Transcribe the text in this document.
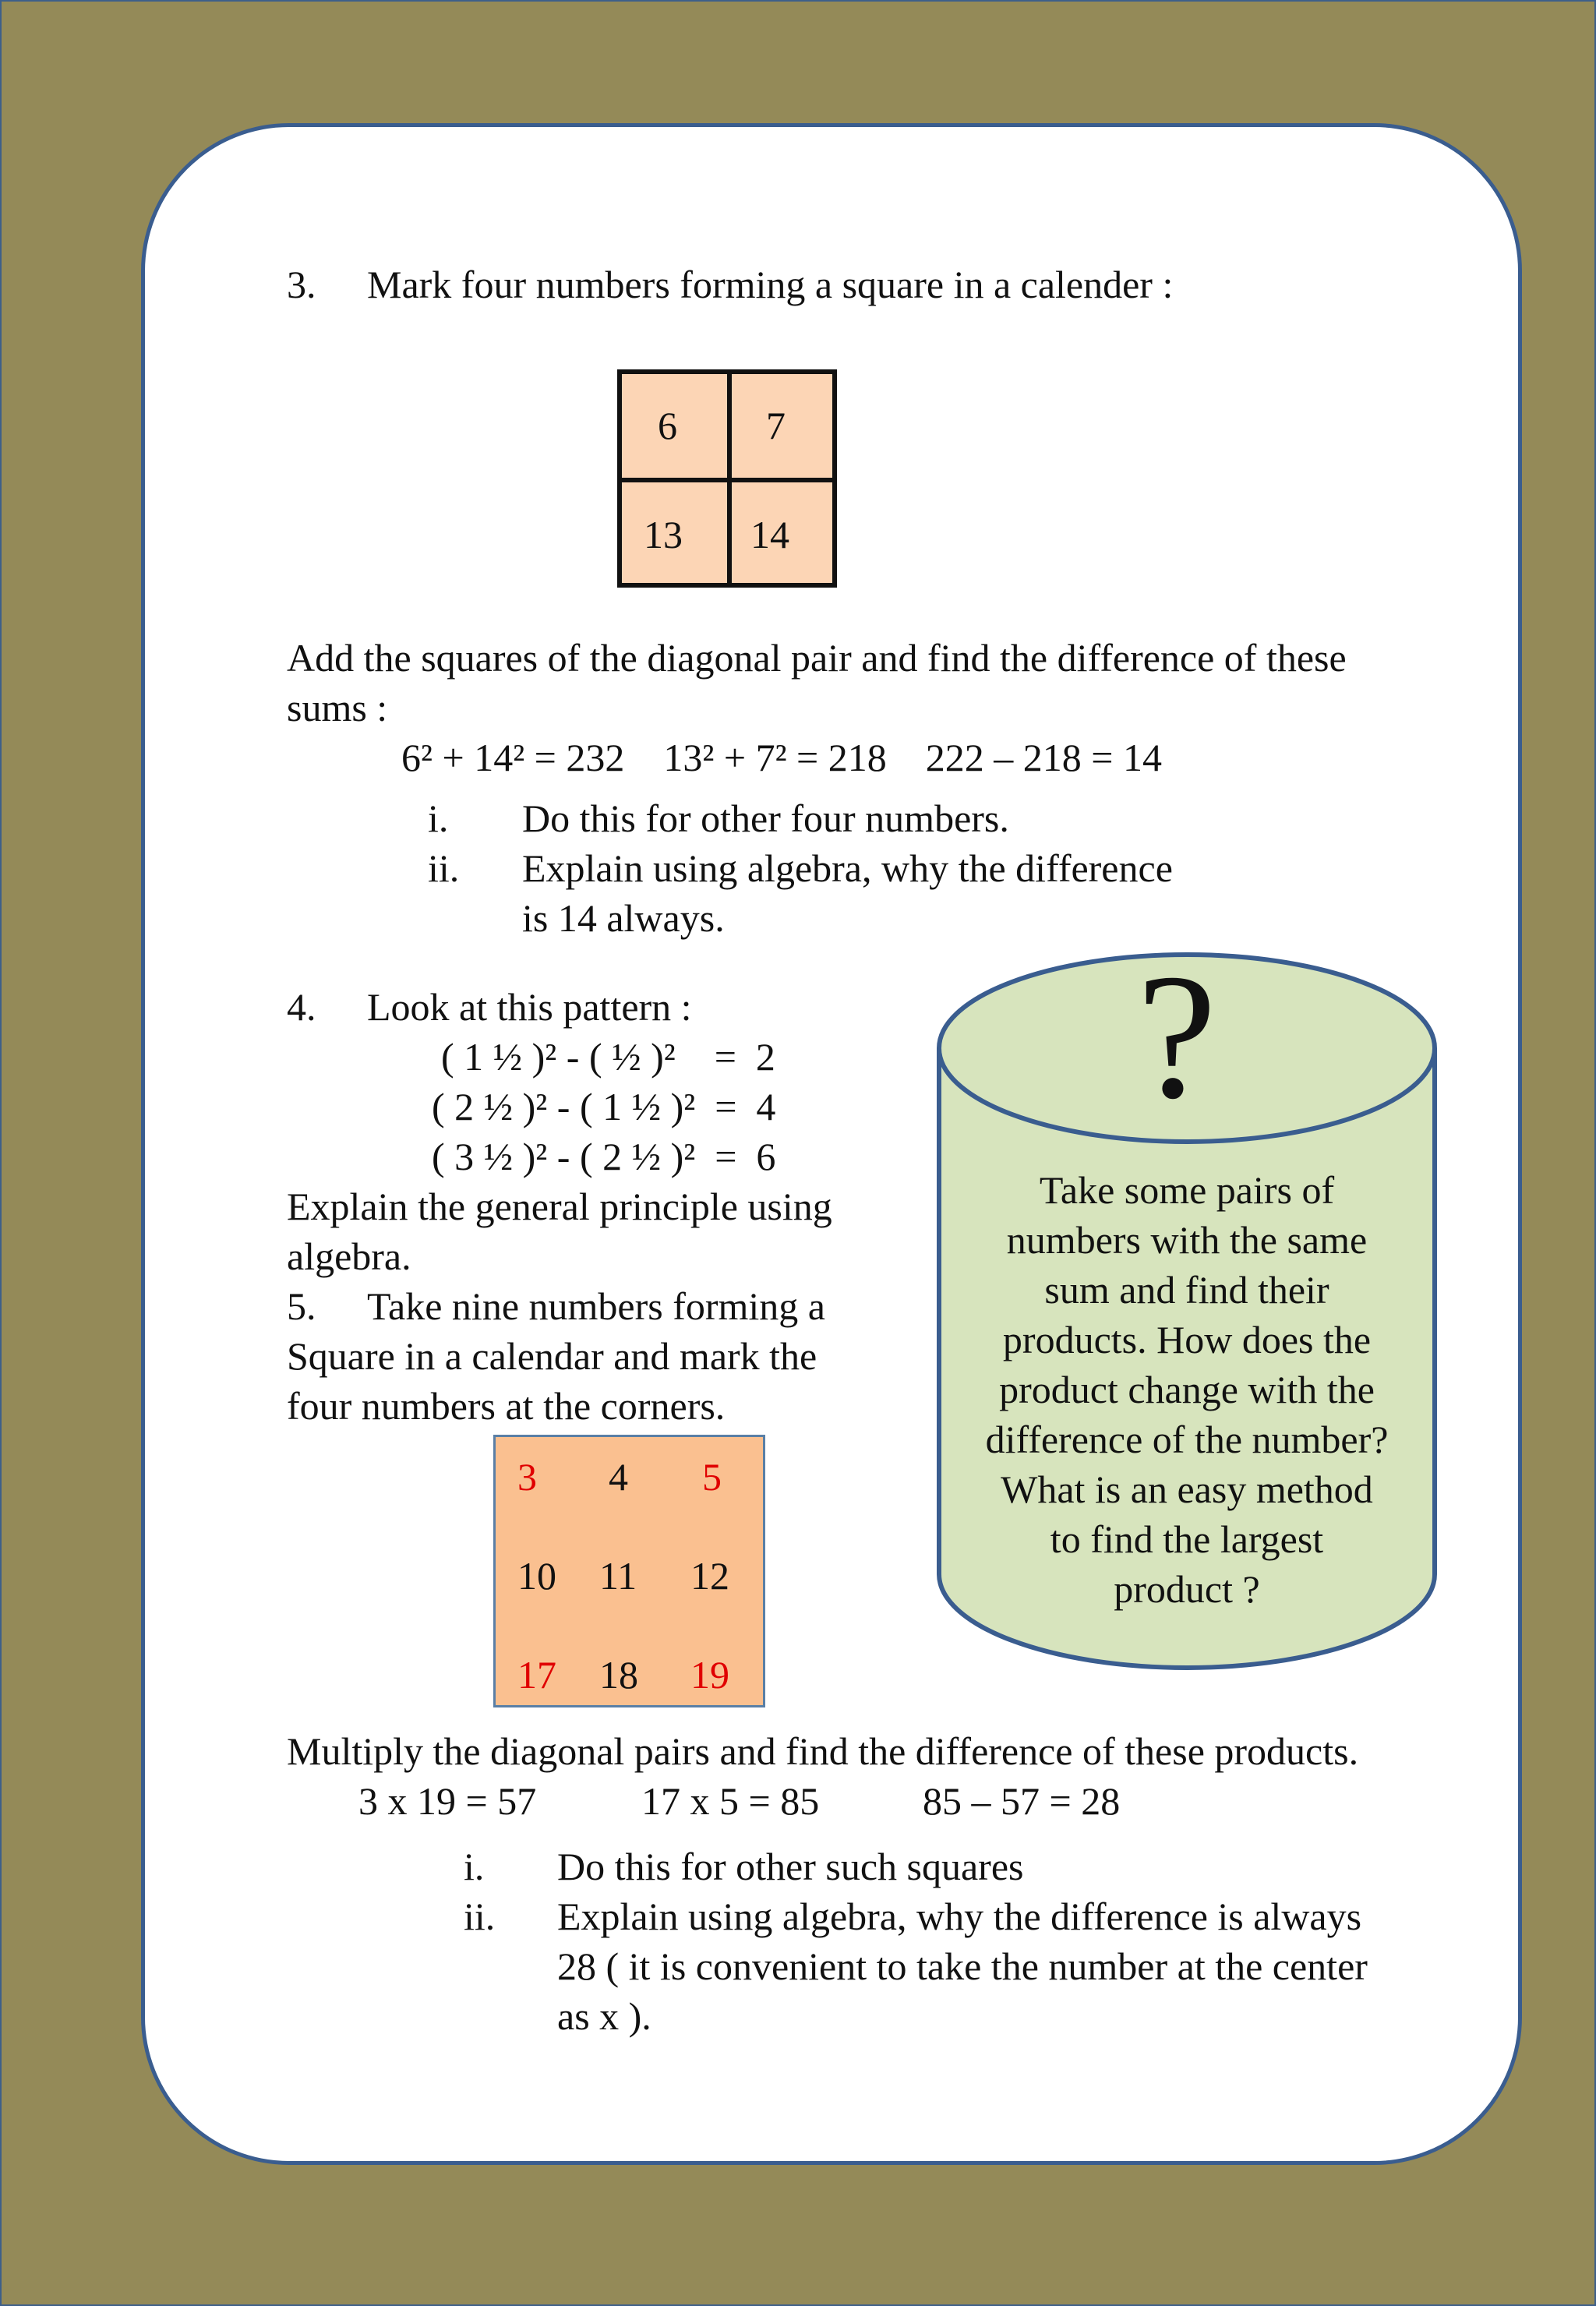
3. Mark four numbers forming a square in a calender :
6 7
13 14
Add the squares of the diagonal pair and find the difference of these
sums :
6² + 14² = 232    13² + 7² = 218    222 – 218 = 14
i. Do this for other four numbers.
ii. Explain using algebra, why the difference
is 14 always.
4. Look at this pattern :
( 1 ½ )² - ( ½ )²    =  2
( 2 ½ )² - ( 1 ½ )²  =  4
( 3 ½ )² - ( 2 ½ )²  =  6
Explain the general principle using
algebra.
5. Take nine numbers forming a
Square in a calendar and mark the
four numbers at the corners.
3 4 5
10 11 12
17 18 19
Multiply the diagonal pairs and find the difference of these products.
3 x 19 = 57	17 x 5 = 85	85 – 57 = 28
i. Do this for other such squares
ii. Explain using algebra, why the difference is always
28 ( it is convenient to take the number at the center
as x ).
?
Take some pairs of
numbers with the same
sum and find their
products. How does the
product change with the
difference of the number?
What is an easy method
to find the largest
product ?
